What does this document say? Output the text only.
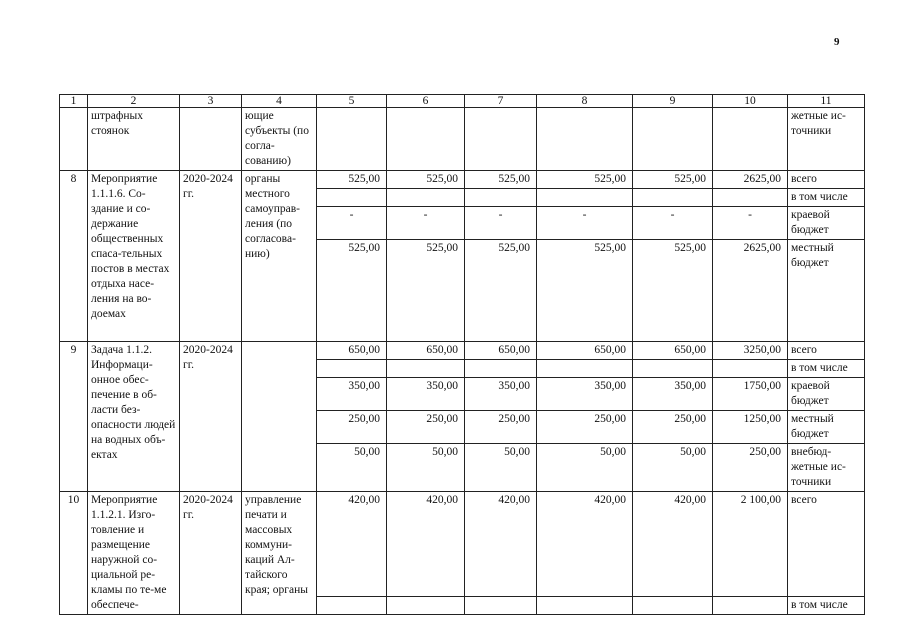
9
1	2	3	4	5	6	7	8	9	10	11
	штрафных стоянок		ющие субъекты (по согла-сованию)							жетные ис-точники
8	Мероприятие 1.1.1.6. Со-здание и со-держание общественных спаса-тельных постов в местах отдыха насе-ления на во-доемах	2020-2024 гг.	органы местного самоуправ-ления (по согласова-нию)	525,00	525,00	525,00	525,00	525,00	2625,00	всего
										в том числе
				-	-	-	-	-	-	краевой бюджет
				525,00	525,00	525,00	525,00	525,00	2625,00	местный бюджет
9	Задача 1.1.2. Информаци-онное обес-печение в об-ласти без-опасности людей на водных объ-ектах	2020-2024 гг.		650,00	650,00	650,00	650,00	650,00	3250,00	всего
										в том числе
				350,00	350,00	350,00	350,00	350,00	1750,00	краевой бюджет
				250,00	250,00	250,00	250,00	250,00	1250,00	местный бюджет
				50,00	50,00	50,00	50,00	50,00	250,00	внебюд-жетные ис-точники
10	Мероприятие 1.1.2.1. Изго-товление и размещение наружной со-циальной ре-кламы по те-ме обеспече-	2020-2024 гг.	управление печати и массовых коммуни-каций Ал-тайского края; органы	420,00	420,00	420,00	420,00	420,00	2 100,00	всего
										в том числе
